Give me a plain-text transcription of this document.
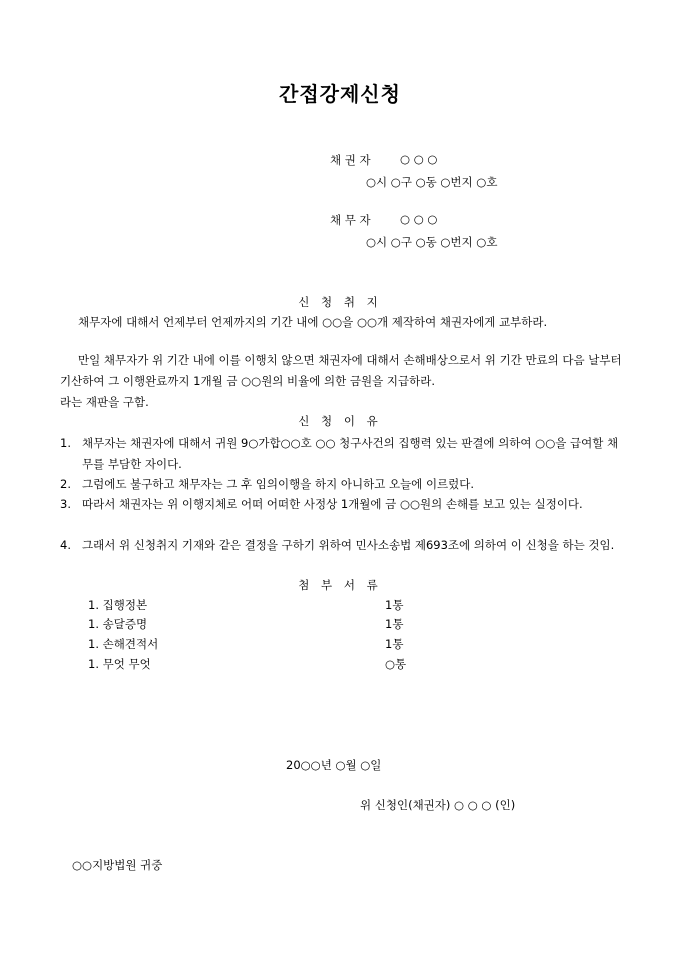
간접강제신청
채 권 자	○ ○ ○
○시 ○구 ○동 ○번지 ○호
채 무 자	○ ○ ○
○시 ○구 ○동 ○번지 ○호
신 청 취 지
채무자에 대해서 언제부터 언제까지의 기간 내에 ○○을 ○○개 제작하여 채권자에게 교부하라.
만일 채무자가 위 기간 내에 이를 이행치 않으면 채권자에 대해서 손해배상으로서 위 기간 만료의 다음 날부터 기산하여 그 이행완료까지 1개월 금 ○○원의 비율에 의한 금원을 지급하라.
라는 재판을 구함.
신 청 이 유
1. 채무자는 채권자에 대해서 귀원 9○가합○○호 ○○ 청구사건의 집행력 있는 판결에 의하여 ○○을 급여할 채무를 부담한 자이다.
2. 그럼에도 불구하고 채무자는 그 후 임의이행을 하지 아니하고 오늘에 이르렀다.
3. 따라서 채권자는 위 이행지체로 어떠 어떠한 사정상 1개월에 금 ○○원의 손해를 보고 있는 실정이다.
4. 그래서 위 신청취지 기재와 같은 결정을 구하기 위하여 민사소송법 제693조에 의하여 이 신청을 하는 것임.
첨 부 서 류
1. 집행정본	1통
1. 송달증명	1통
1. 손해견적서	1통
1. 무엇 무엇	○통
20○○년 ○월 ○일
위 신청인(채권자) ○ ○ ○ (인)
○○지방법원 귀중
